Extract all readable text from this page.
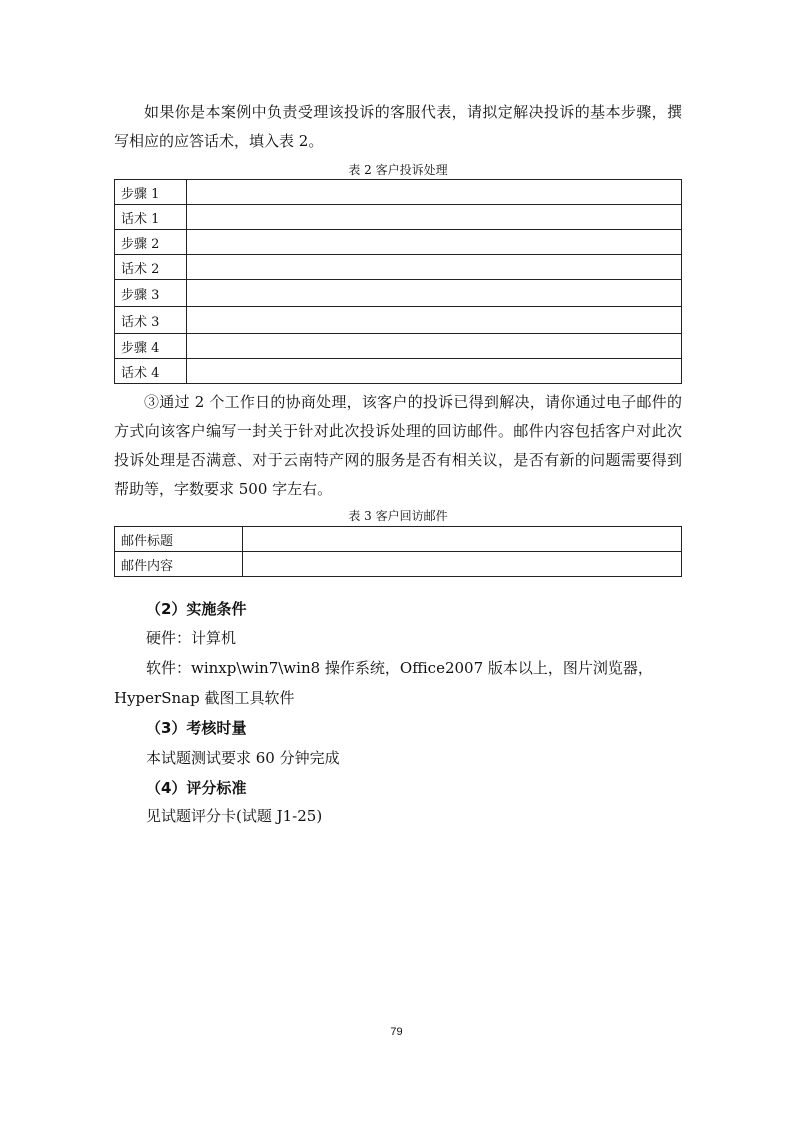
如果你是本案例中负责受理该投诉的客服代表，请拟定解决投诉的基本步骤，撰写相应的应答话术，填入表 2。

表 2 客户投诉处理
步骤 1	
话术 1	
步骤 2	
话术 2	
步骤 3	
话术 3	
步骤 4	
话术 4	

③通过 2 个工作日的协商处理，该客户的投诉已得到解决，请你通过电子邮件的方式向该客户编写一封关于针对此次投诉处理的回访邮件。邮件内容包括客户对此次投诉处理是否满意、对于云南特产网的服务是否有相关议，是否有新的问题需要得到帮助等，字数要求 500 字左右。

表 3 客户回访邮件
邮件标题	
邮件内容	
（2）实施条件
硬件：计算机
软件：winxp\win7\win8 操作系统，Office2007 版本以上，图片浏览器，
HyperSnap 截图工具软件
（3）考核时量
本试题测试要求 60 分钟完成
（4）评分标准
见试题评分卡(试题 J1-25)
79
